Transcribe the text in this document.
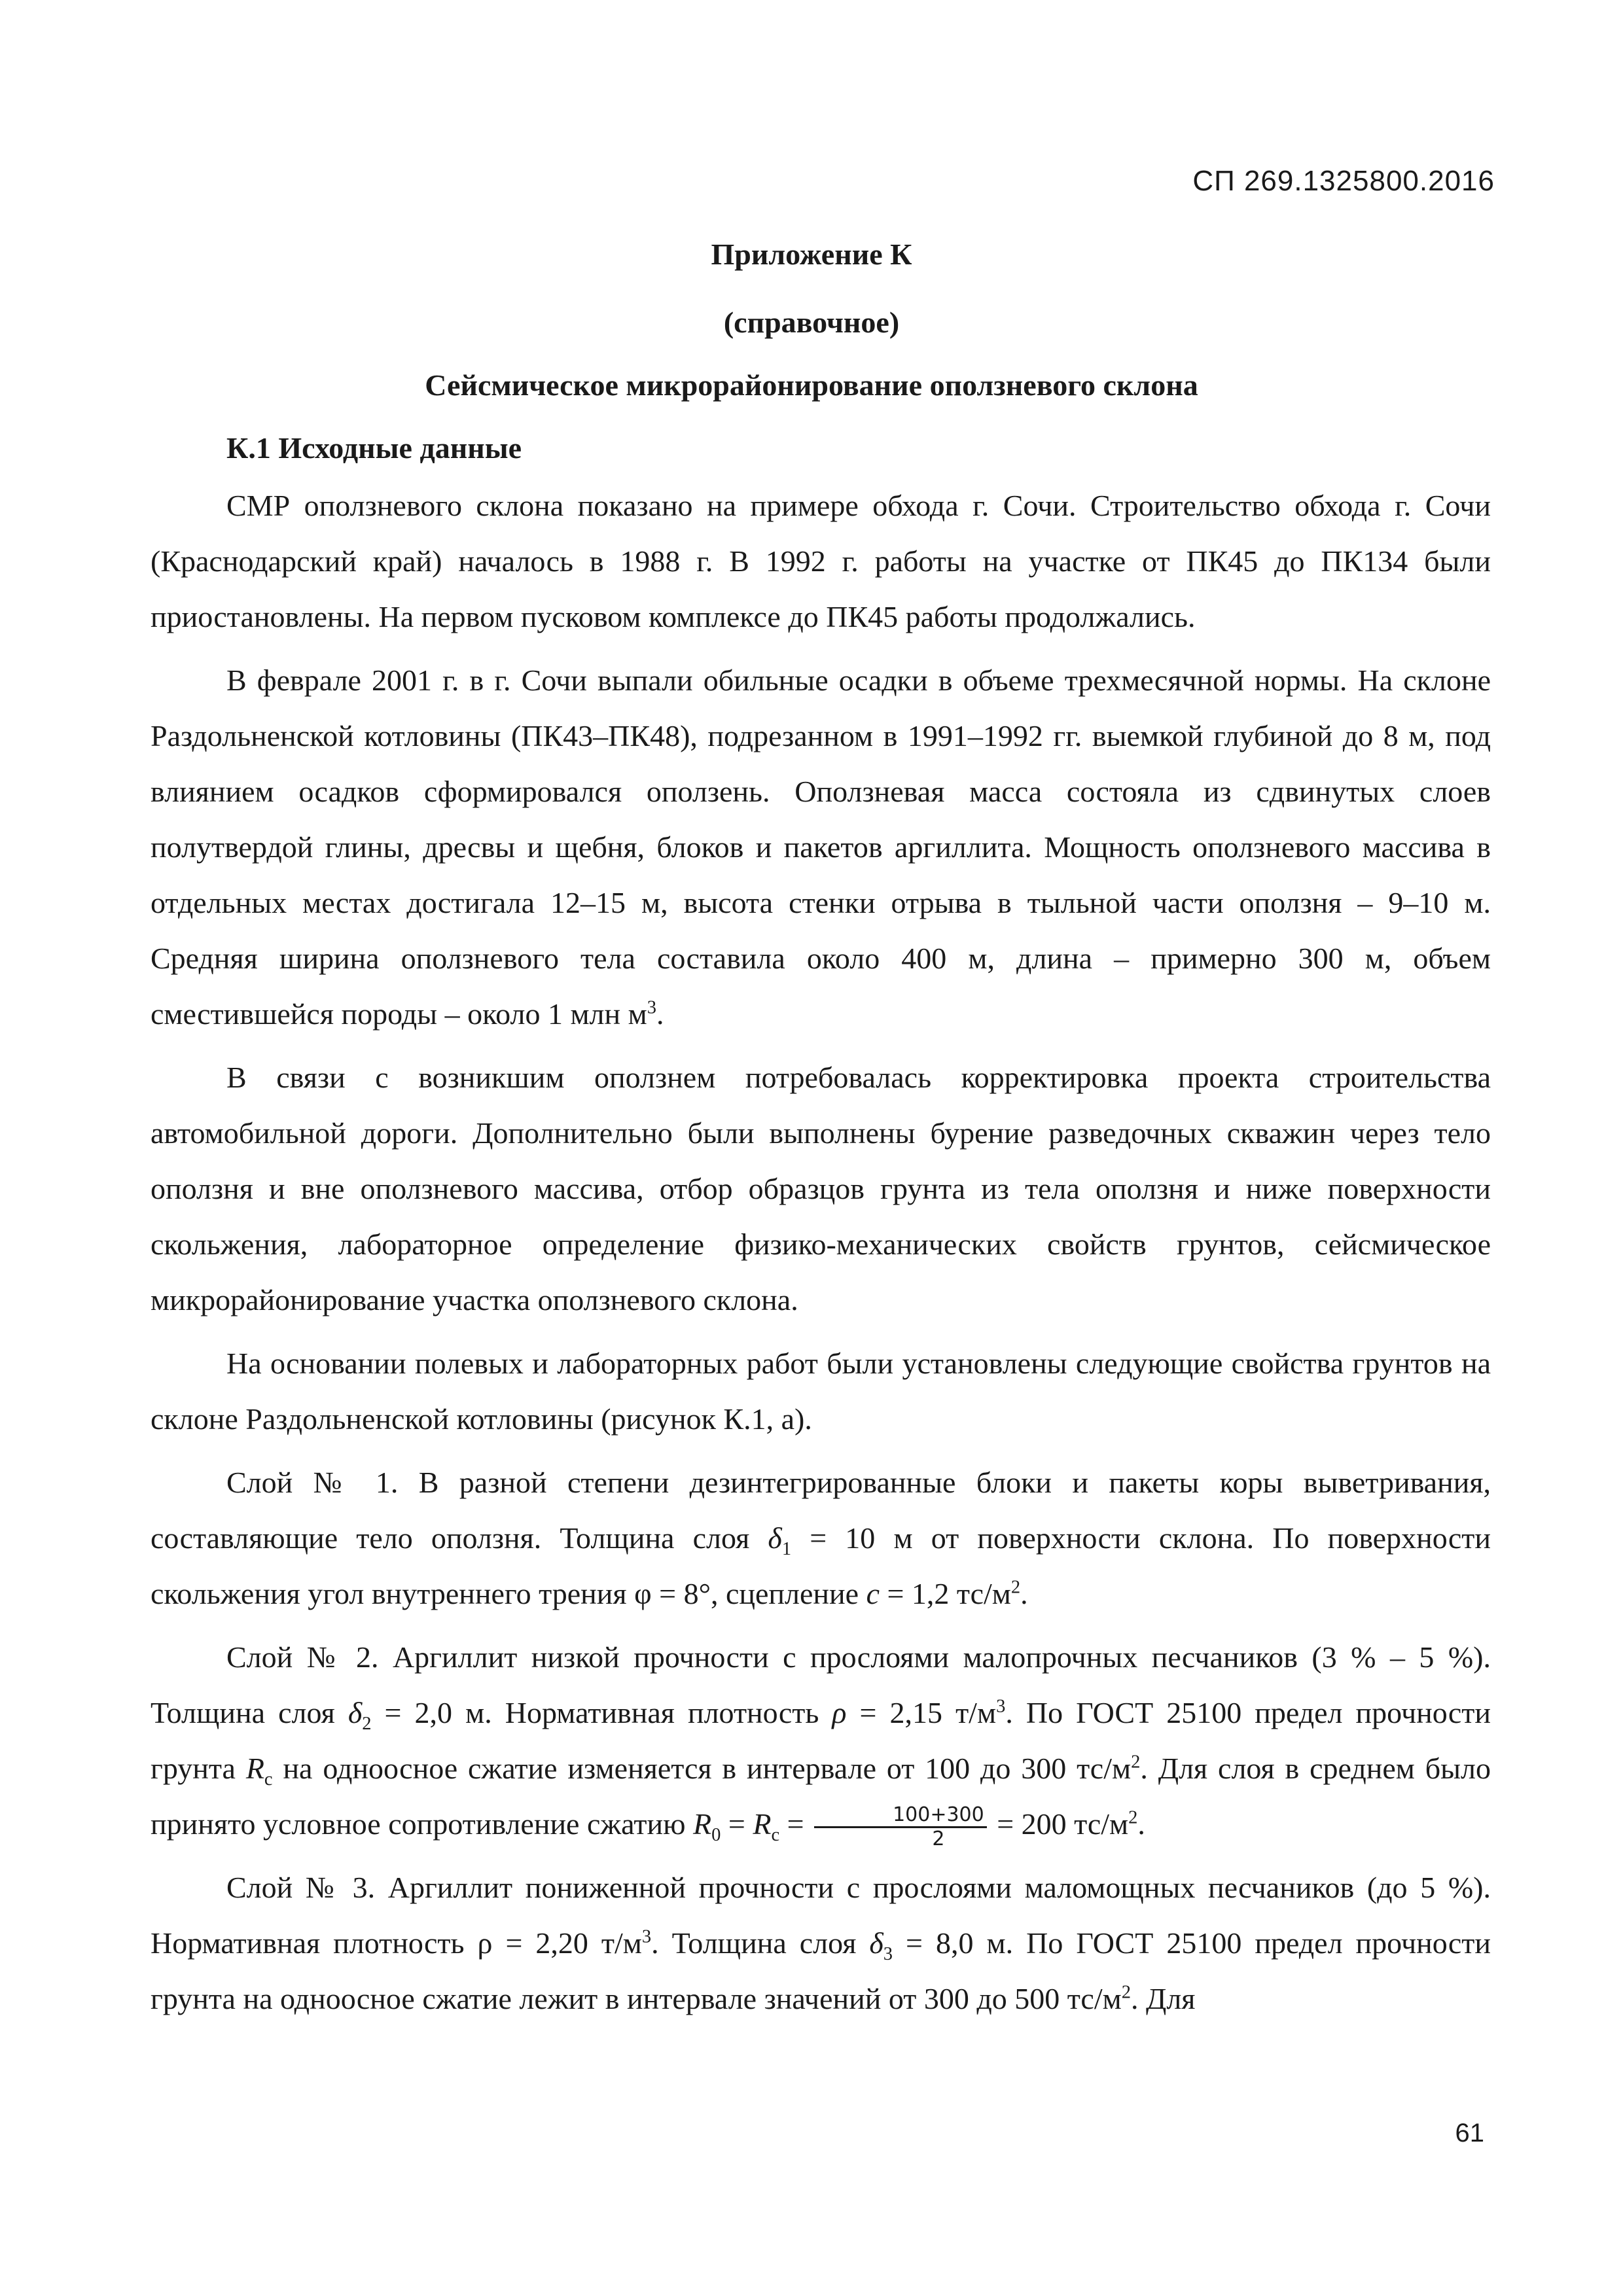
СП 269.1325800.2016
Приложение К
(справочное)
Сейсмическое микрорайонирование оползневого склона
К.1 Исходные данные

СМР оползневого склона показано на примере обхода г. Сочи. Строительство обхода г. Сочи (Краснодарский край) началось в 1988 г. В 1992 г. работы на участке от ПК45 до ПК134 были приостановлены. На первом пусковом комплексе до ПК45 работы продолжались.

В феврале 2001 г. в г. Сочи выпали обильные осадки в объеме трехмесячной нормы. На склоне Раздольненской котловины (ПК43–ПК48), подрезанном в 1991–1992 гг. выемкой глубиной до 8 м, под влиянием осадков сформировался оползень. Оползневая масса состояла из сдвинутых слоев полутвердой глины, дресвы и щебня, блоков и пакетов аргиллита. Мощность оползневого массива в отдельных местах достигала 12–15 м, высота стенки отрыва в тыльной части оползня – 9–10 м. Средняя ширина оползневого тела составила около 400 м, длина – примерно 300 м, объем сместившейся породы – около 1 млн $м^3$.

В связи с возникшим оползнем потребовалась корректировка проекта строительства автомобильной дороги. Дополнительно были выполнены бурение разведочных скважин через тело оползня и вне оползневого массива, отбор образцов грунта из тела оползня и ниже поверхности скольжения, лабораторное определение физико-механических свойств грунтов, сейсмическое микрорайонирование участка оползневого склона.

На основании полевых и лабораторных работ были установлены следующие свойства грунтов на склоне Раздольненской котловины (рисунок К.1, а).

Слой № 1. В разной степени дезинтегрированные блоки и пакеты коры выветривания, составляющие тело оползня. Толщина слоя $\delta_1 = 10$ м от поверхности склона. По поверхности скольжения угол внутреннего трения φ = 8°, сцепление c = 1,2 $тс/м^2$.

Слой № 2. Аргиллит низкой прочности с прослоями малопрочных песчаников (3 % – 5 %). Толщина слоя $\delta_2 = 2,0$ м. Нормативная плотность ρ = 2,15 $т/м^3$. По ГОСТ 25100 предел прочности грунта $R_c$ на одноосное сжатие изменяется в интервале от 100 до 300 $тс/м^2$. Для слоя в среднем было принято условное сопротивление сжатию $R_0 = R_c = \frac{100+300}{2} = 200$ $тс/м^2$.

Слой № 3. Аргиллит пониженной прочности с прослоями маломощных песчаников (до 5 %). Нормативная плотность ρ = 2,20 $т/м^3$. Толщина слоя $\delta_3 = 8,0$ м. По ГОСТ 25100 предел прочности грунта на одноосное сжатие лежит в интервале значений от 300 до 500 $тс/м^2$. Для

61
